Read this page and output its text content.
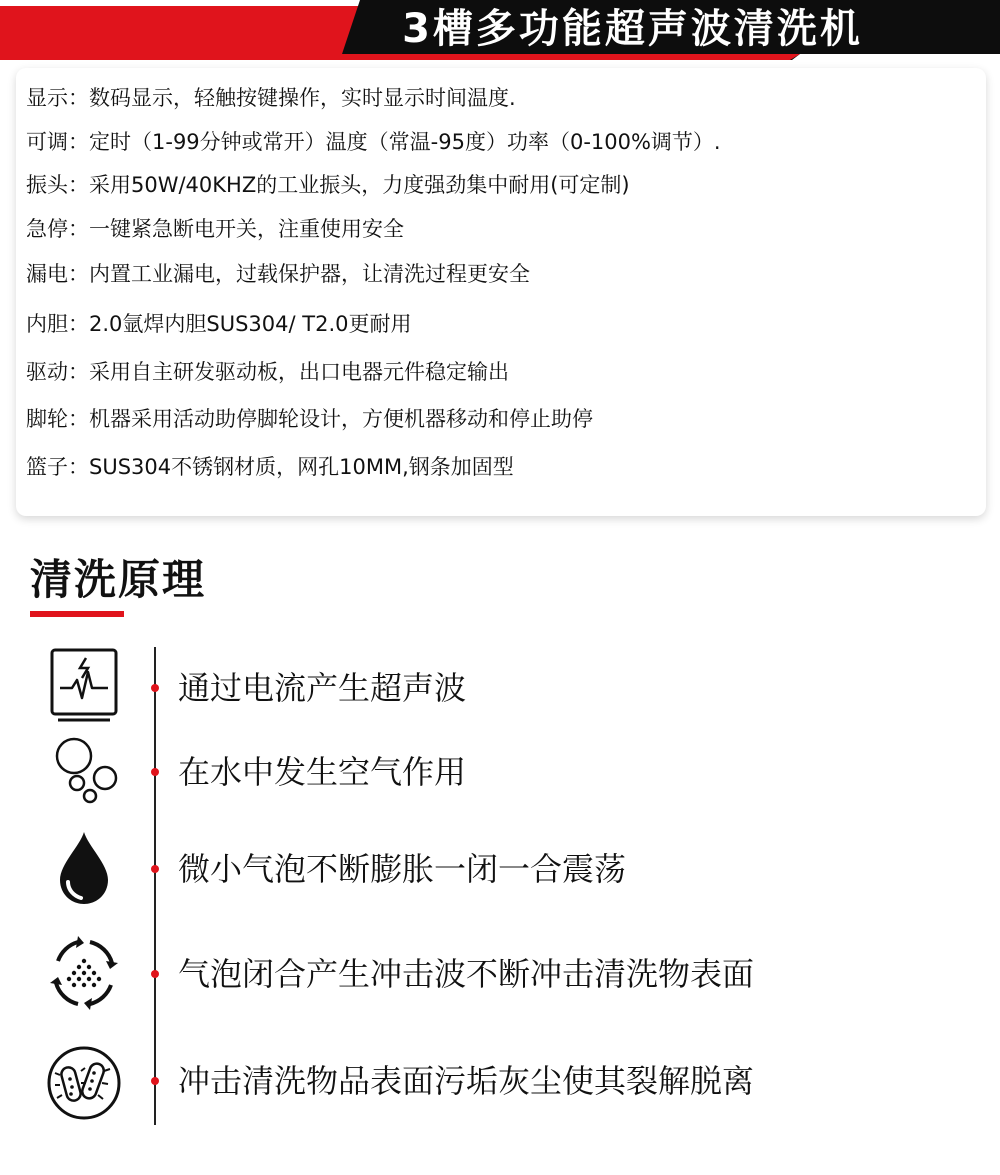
3槽多功能超声波清洗机
显示：数码显示，轻触按键操作，实时显示时间温度.
可调：定时（1-99分钟或常开）温度（常温-95度）功率（0-100%调节）.
振头：采用50W/40KHZ的工业振头，力度强劲集中耐用(可定制)
急停：一键紧急断电开关，注重使用安全
漏电：内置工业漏电，过载保护器，让清洗过程更安全
内胆：2.0氩焊内胆SUS304/ T2.0更耐用
驱动：采用自主研发驱动板，出口电器元件稳定输出
脚轮：机器采用活动助停脚轮设计，方便机器移动和停止助停
篮子：SUS304不锈钢材质，网孔10MM,钢条加固型
清洗原理
通过电流产生超声波
在水中发生空气作用
微小气泡不断膨胀一闭一合震荡
气泡闭合产生冲击波不断冲击清洗物表面
冲击清洗物品表面污垢灰尘使其裂解脱离
